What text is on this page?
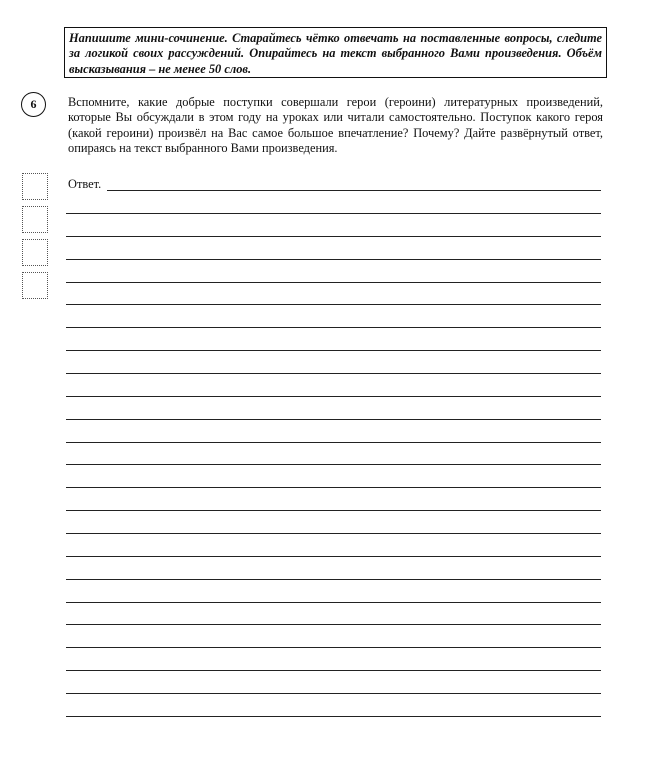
Напишите мини-сочинение. Старайтесь чётко отвечать на поставленные вопросы, следите за логикой своих рассуждений. Опирайтесь на текст выбранного Вами произведения. Объём высказывания – не менее 50 слов.
6	Вспомните, какие добрые поступки совершали герои (героини) литературных произведений, которые Вы обсуждали в этом году на уроках или читали самостоятельно. Поступок какого героя (какой героини) произвёл на Вас самое большое впечатление? Почему? Дайте развёрнутый ответ, опираясь на текст выбранного Вами произведения.
Ответ.
